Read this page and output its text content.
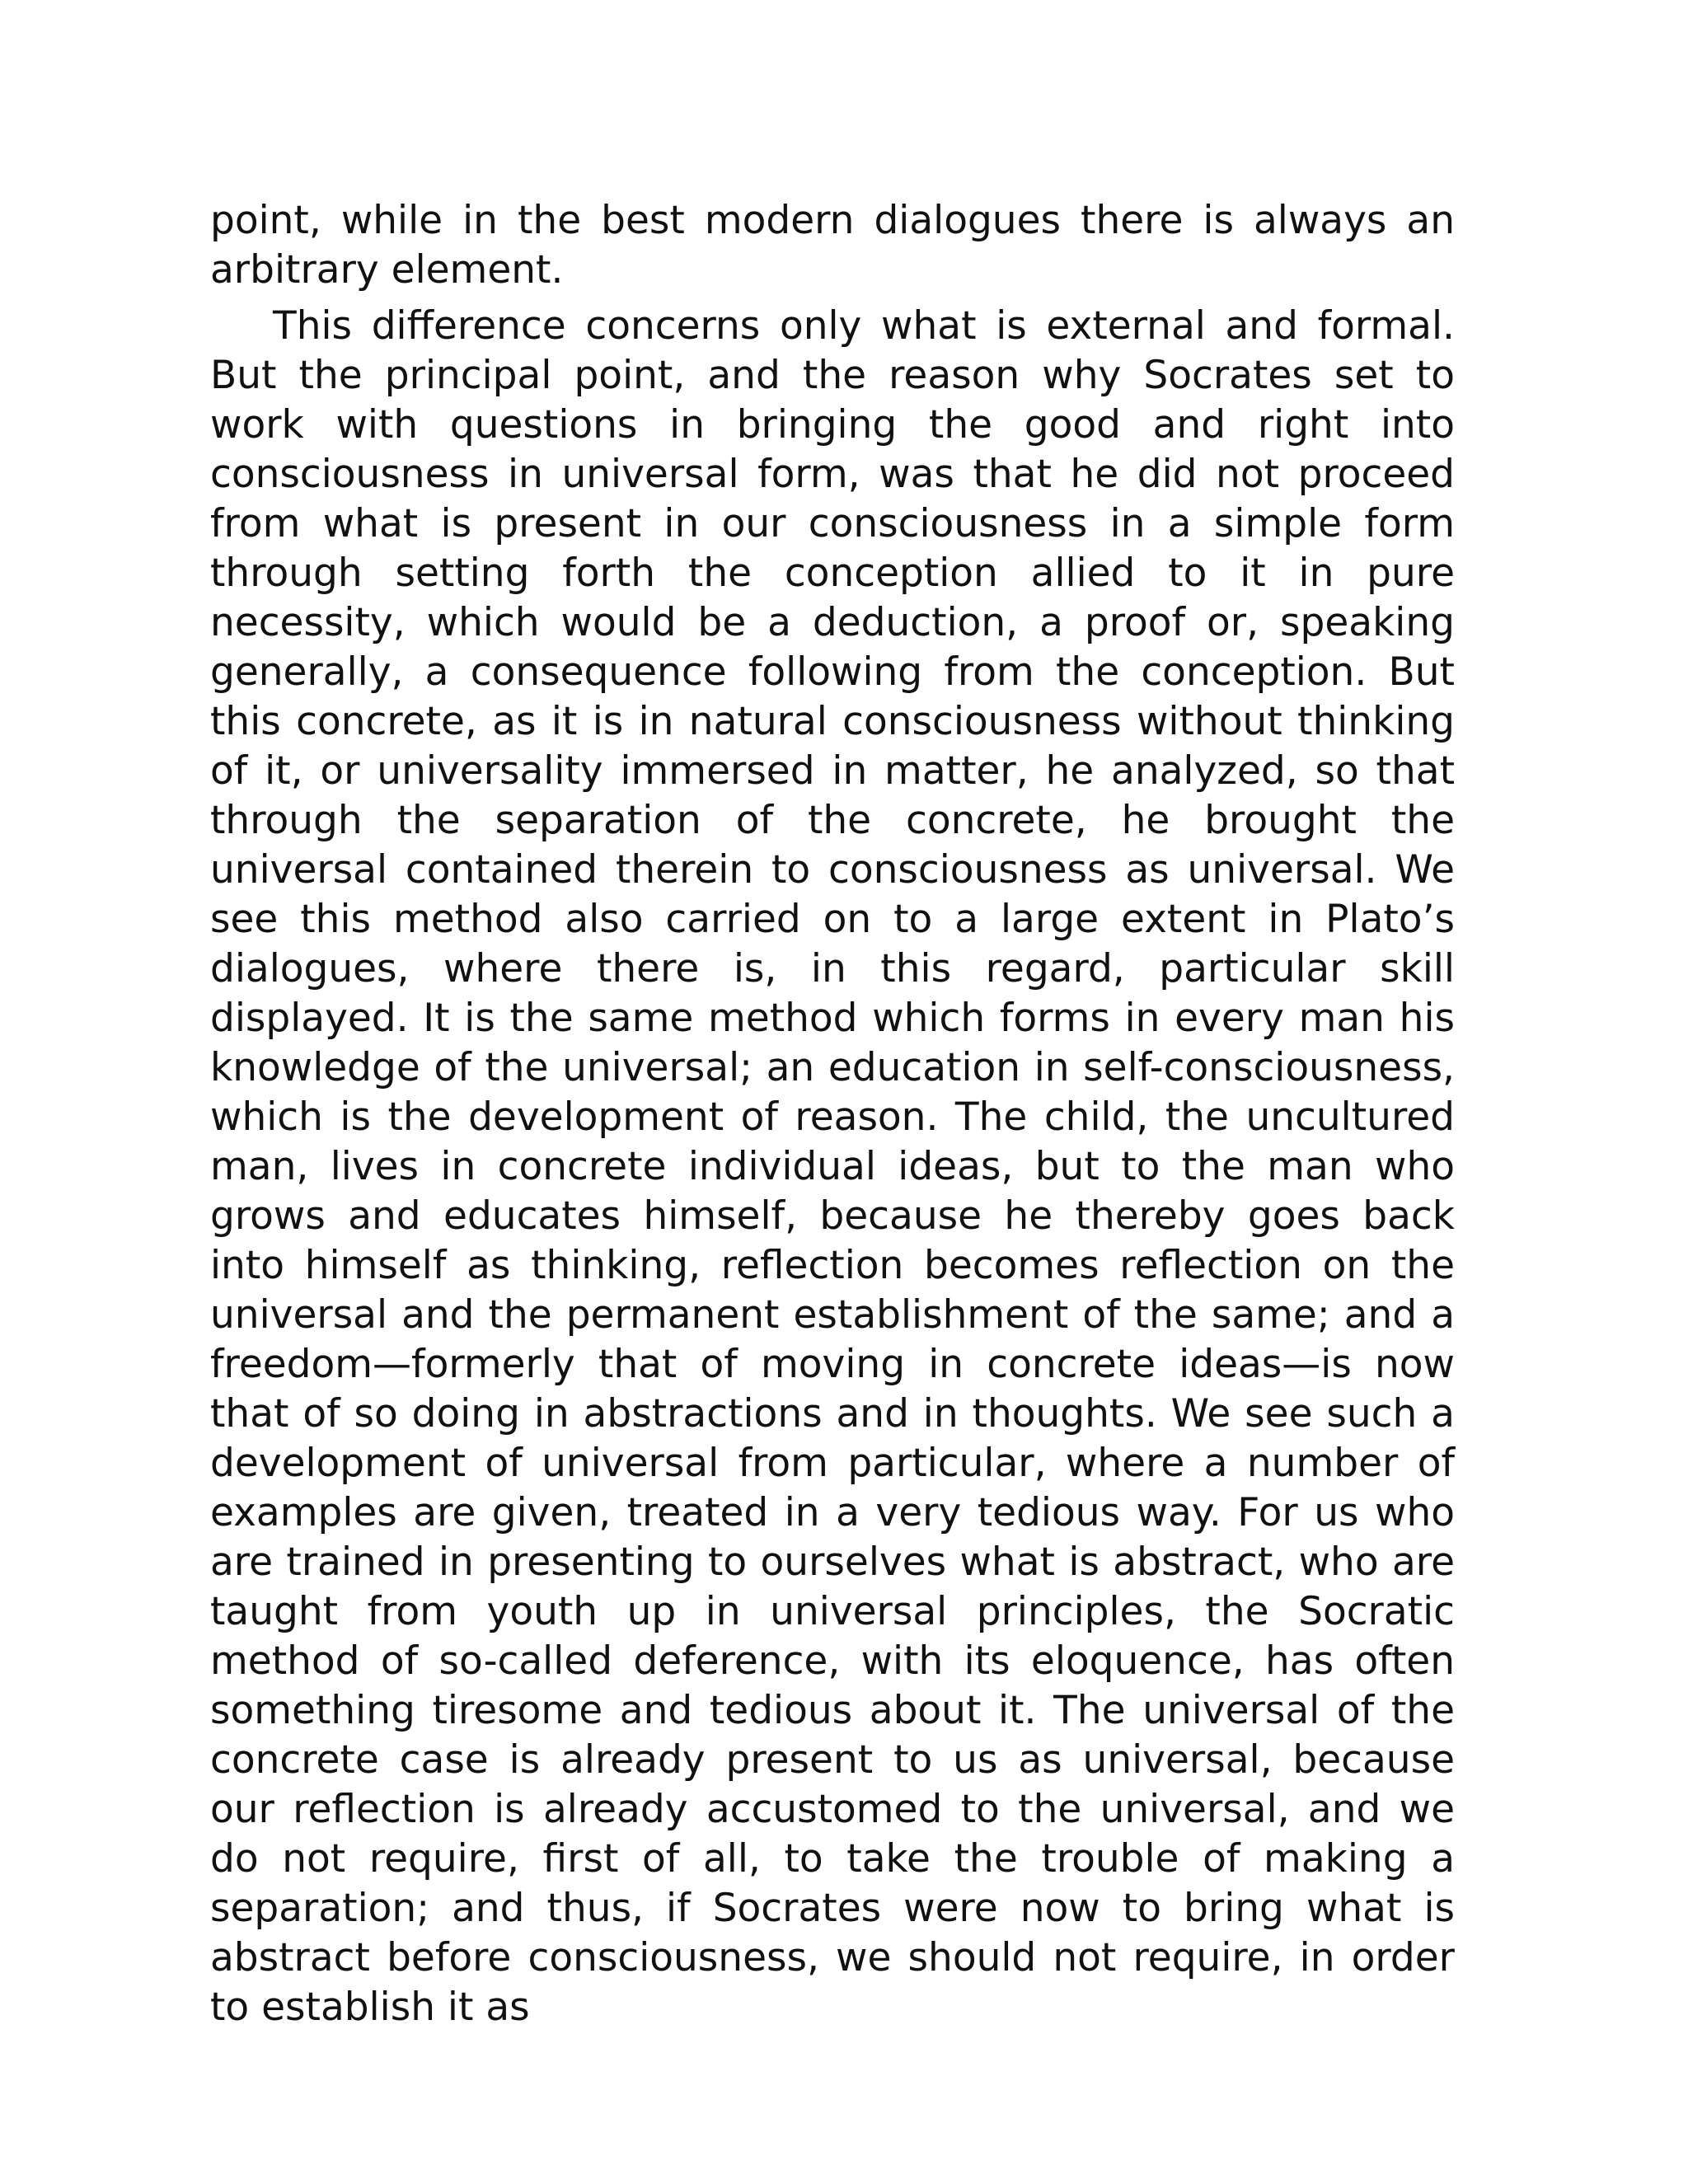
point, while in the best modern dialogues there is always an arbitrary element.

This difference concerns only what is external and formal. But the principal point, and the reason why Socrates set to work with questions in bringing the good and right into consciousness in universal form, was that he did not proceed from what is present in our consciousness in a simple form through setting forth the conception allied to it in pure necessity, which would be a deduction, a proof or, speaking generally, a consequence following from the conception. But this concrete, as it is in natural consciousness without thinking of it, or universality immersed in matter, he analyzed, so that through the separation of the concrete, he brought the universal contained therein to consciousness as universal. We see this method also carried on to a large extent in Plato’s dialogues, where there is, in this regard, particular skill displayed. It is the same method which forms in every man his knowledge of the universal; an education in self-consciousness, which is the development of reason. The child, the uncultured man, lives in concrete individual ideas, but to the man who grows and educates himself, because he thereby goes back into himself as thinking, reflection becomes reflection on the universal and the permanent establishment of the same; and a freedom—formerly that of moving in concrete ideas—is now that of so doing in abstractions and in thoughts. We see such a development of universal from particular, where a number of examples are given, treated in a very tedious way. For us who are trained in presenting to ourselves what is abstract, who are taught from youth up in universal principles, the Socratic method of so-called deference, with its eloquence, has often something tiresome and tedious about it. The universal of the concrete case is already present to us as universal, because our reflection is already accustomed to the universal, and we do not require, first of all, to take the trouble of making a separation; and thus, if Socrates were now to bring what is abstract before consciousness, we should not require, in order to establish it as
